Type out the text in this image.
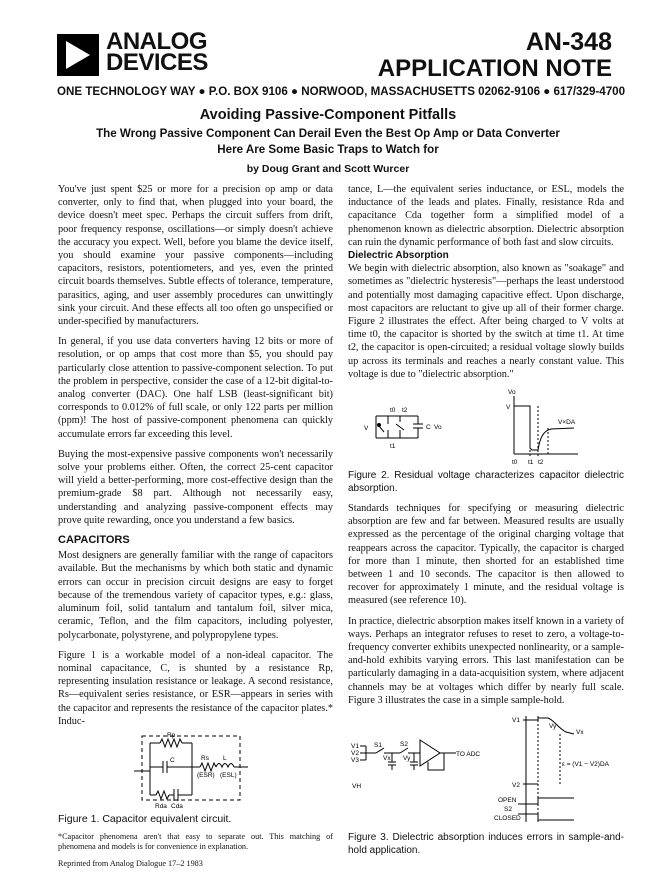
ANALOG
DEVICES
AN-348
APPLICATION NOTE
ONE TECHNOLOGY WAY ● P.O. BOX 9106 ● NORWOOD, MASSACHUSETTS 02062-9106 ● 617/329-4700
Avoiding Passive-Component Pitfalls
The Wrong Passive Component Can Derail Even the Best Op Amp or Data Converter
Here Are Some Basic Traps to Watch for
by Doug Grant and Scott Wurcer

You've just spent $25 or more for a precision op amp or data converter, only to find that, when plugged into your board, the device doesn't meet spec. Perhaps the circuit suffers from drift, poor frequency response, oscillations—or simply doesn't achieve the accuracy you expect. Well, before you blame the device itself, you should examine your passive components—including capacitors, resistors, potentiometers, and yes, even the printed circuit boards themselves. Subtle effects of tolerance, temperature, parasitics, aging, and user assembly procedures can unwittingly sink your circuit. And these effects all too often go unspecified or under-specified by manufacturers.

In general, if you use data converters having 12 bits or more of resolution, or op amps that cost more than $5, you should pay particularly close attention to passive-component selection. To put the problem in perspective, consider the case of a 12-bit digital-to-analog converter (DAC). One half LSB (least-significant bit) corresponds to 0.012% of full scale, or only 122 parts per million (ppm)! The host of passive-component phenomena can quickly accumulate errors far exceeding this level.

Buying the most-expensive passive components won't necessarily solve your problems either. Often, the correct 25-cent capacitor will yield a better-performing, more cost-effective design than the premium-grade $8 part. Although not necessarily easy, understanding and analyzing passive-component effects may prove quite rewarding, once you understand a few basics.

CAPACITORS

Most designers are generally familiar with the range of capacitors available. But the mechanisms by which both static and dynamic errors can occur in precision circuit designs are easy to forget because of the tremendous variety of capacitor types, e.g.: glass, aluminum foil, solid tantalum and tantalum foil, silver mica, ceramic, Teflon, and the film capacitors, including polyester, polycarbonate, polystyrene, and polypropylene types.

Figure 1 is a workable model of a non-ideal capacitor. The nominal capacitance, C, is shunted by a resistance Rp, representing insulation resistance or leakage. A second resistance, Rs—equivalent series resistance, or ESR—appears in series with the capacitor and represents the resistance of the capacitor plates.* Induc-

Rp
C	Rs L
(ESR) (ESL)
Rda Cda

Figure 1. Capacitor equivalent circuit.

*Capacitor phenomena aren't that easy to separate out. This matching of phenomena and models is for convenience in explanation.

Reprinted from Analog Dialogue 17–2 1983

tance, L—the equivalent series inductance, or ESL, models the inductance of the leads and plates. Finally, resistance Rda and capacitance Cda together form a simplified model of a phenomenon known as dielectric absorption. Dielectric absorption can ruin the dynamic performance of both fast and slow circuits.

Dielectric Absorption

We begin with dielectric absorption, also known as "soakage" and sometimes as "dielectric hysteresis"—perhaps the least understood and potentially most damaging capacitive effect. Upon discharge, most capacitors are reluctant to give up all of their former charge. Figure 2 illustrates the effect. After being charged to V volts at time t0, the capacitor is shorted by the switch at time t1. At time t2, the capacitor is open-circuited; a residual voltage slowly builds up across its terminals and reaches a nearly constant value. This voltage is due to "dielectric absorption."

V
t0
t1
t2
C Vo
Vo
V
V×DA
t0 t1 t2

Figure 2. Residual voltage characterizes capacitor dielectric absorption.

Standards techniques for specifying or measuring dielectric absorption are few and far between. Measured results are usually expressed as the percentage of the original charging voltage that reappears across the capacitor. Typically, the capacitor is charged for more than 1 minute, then shorted for an established time between 1 and 10 seconds. The capacitor is then allowed to recover for approximately 1 minute, and the residual voltage is measured (see reference 10).

In practice, dielectric absorption makes itself known in a variety of ways. Perhaps an integrator refuses to reset to zero, a voltage-to-frequency converter exhibits unexpected nonlinearity, or a sample-and-hold exhibits varying errors. This last manifestation can be particularly damaging in a data-acquisition system, where adjacent channels may be at voltages which differ by nearly full scale. Figure 3 illustrates the case in a simple sample-hold.

V1
V2
V3
S1	S2
Vx Vy
TO ADC
VH
V1
Vy
Vx
ε = (V1 − V2)DA
V2
OPEN
S2
CLOSED

Figure 3. Dielectric absorption induces errors in sample-and-hold application.
